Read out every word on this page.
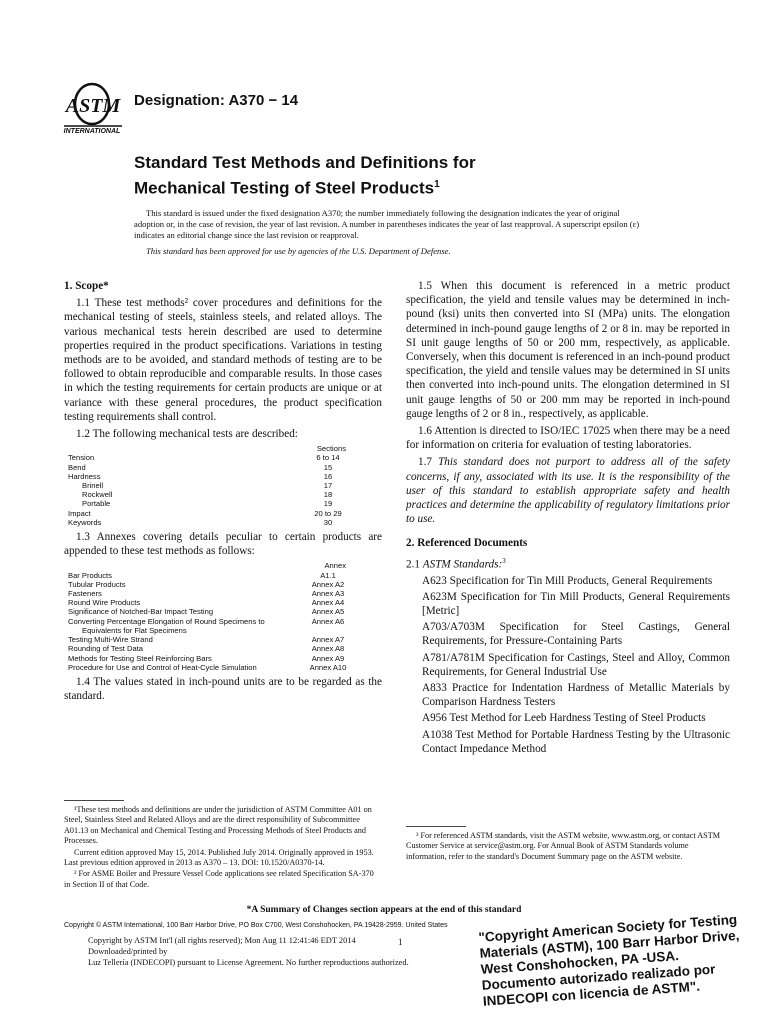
ASTM
INTERNATIONAL
Designation: A370 − 14
Standard Test Methods and Definitions for
Mechanical Testing of Steel Products$^1$

This standard is issued under the fixed designation A370; the number immediately following the designation indicates the year of original adoption or, in the case of revision, the year of last revision. A number in parentheses indicates the year of last reapproval. A superscript epsilon (ε) indicates an editorial change since the last revision or reapproval.

This standard has been approved for use by agencies of the U.S. Department of Defense.

1. Scope*

1.1 These test methods² cover procedures and definitions for the mechanical testing of steels, stainless steels, and related alloys. The various mechanical tests herein described are used to determine properties required in the product specifications. Variations in testing methods are to be avoided, and standard methods of testing are to be followed to obtain reproducible and comparable results. In those cases in which the testing requirements for certain products are unique or at variance with these general procedures, the product specification testing requirements shall control.

1.2 The following mechanical tests are described:

Sections
Tension	6 to 14
Bend	15
Hardness	16
Brinell	17
Rockwell	18
Portable	19
Impact	20 to 29
Keywords	30

1.3 Annexes covering details peculiar to certain products are appended to these test methods as follows:

Annex
Bar Products	A1.1
Tubular Products	Annex A2
Fasteners	Annex A3
Round Wire Products	Annex A4
Significance of Notched-Bar Impact Testing	Annex A5
Converting Percentage Elongation of Round Specimens to	Annex A6
Equivalents for Flat Specimens
Testing Multi-Wire Strand	Annex A7
Rounding of Test Data	Annex A8
Methods for Testing Steel Reinforcing Bars	Annex A9
Procedure for Use and Control of Heat-Cycle Simulation	Annex A10

1.4 The values stated in inch-pound units are to be regarded as the standard.

1.5 When this document is referenced in a metric product specification, the yield and tensile values may be determined in inch-pound (ksi) units then converted into SI (MPa) units. The elongation determined in inch-pound gauge lengths of 2 or 8 in. may be reported in SI unit gauge lengths of 50 or 200 mm, respectively, as applicable. Conversely, when this document is referenced in an inch-pound product specification, the yield and tensile values may be determined in SI units then converted into inch-pound units. The elongation determined in SI unit gauge lengths of 50 or 200 mm may be reported in inch-pound gauge lengths of 2 or 8 in., respectively, as applicable.

1.6 Attention is directed to ISO/IEC 17025 when there may be a need for information on criteria for evaluation of testing laboratories.

1.7 This standard does not purport to address all of the safety concerns, if any, associated with its use. It is the responsibility of the user of this standard to establish appropriate safety and health practices and determine the applicability of regulatory limitations prior to use.

2. Referenced Documents

2.1 ASTM Standards:$^3$

A623 Specification for Tin Mill Products, General Requirements

A623M Specification for Tin Mill Products, General Requirements [Metric]

A703/A703M Specification for Steel Castings, General Requirements, for Pressure-Containing Parts

A781/A781M Specification for Castings, Steel and Alloy, Common Requirements, for General Industrial Use

A833 Practice for Indentation Hardness of Metallic Materials by Comparison Hardness Testers

A956 Test Method for Leeb Hardness Testing of Steel Products

A1038 Test Method for Portable Hardness Testing by the Ultrasonic Contact Impedance Method

¹These test methods and definitions are under the jurisdiction of ASTM Committee A01 on Steel, Stainless Steel and Related Alloys and are the direct responsibility of Subcommittee A01.13 on Mechanical and Chemical Testing and Processing Methods of Steel Products and Processes.

Current edition approved May 15, 2014. Published July 2014. Originally approved in 1953. Last previous edition approved in 2013 as A370 – 13. DOI: 10.1520/A0370-14.

² For ASME Boiler and Pressure Vessel Code applications see related Specification SA-370 in Section II of that Code.

³ For referenced ASTM standards, visit the ASTM website, www.astm.org, or contact ASTM Customer Service at service@astm.org. For Annual Book of ASTM Standards volume information, refer to the standard's Document Summary page on the ASTM website.
*A Summary of Changes section appears at the end of this standard
Copyright © ASTM International, 100 Barr Harbor Drive, PO Box C700, West Conshohocken, PA 19428-2959. United States
Copyright by ASTM Int'l (all rights reserved); Mon Aug 11 12:41:46 EDT 2014
Downloaded/printed by
Luz Tellería (INDECOPI) pursuant to License Agreement. No further reproductions authorized.
1	"Copyright American Society for Testing Materials (ASTM), 100 Barr Harbor Drive, West Conshohocken, PA -USA. Documento autorizado realizado por INDECOPI con licencia de ASTM".
